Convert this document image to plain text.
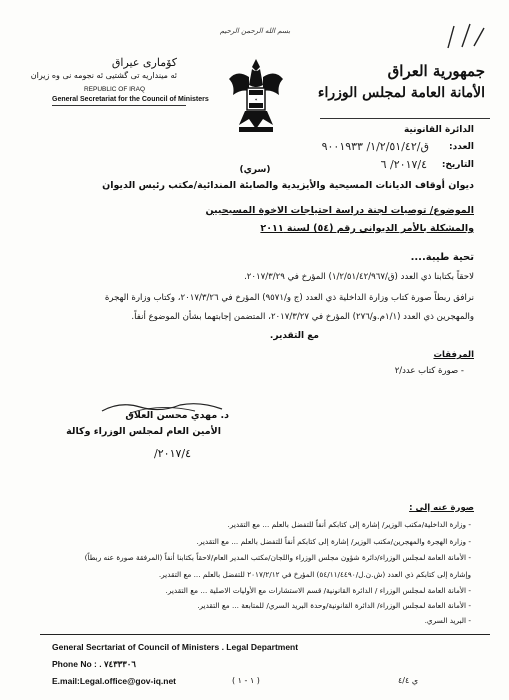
بسم الله الرحمن الرحيم
✶
جمهورية العراق
الأمانة العامة لمجلس الوزراء
كۆماری عیراق
ئه مینداریه تی گشتیی ئه نجومه نی وه زیران
REPUBLIC OF IRAQ
General Secretariat for the Council of Ministers
الدائرة القانونية
العدد:
ق/١/٢/٥١/٤٢/ ٩٠٠١٩٣٣
التاريخ:
٢٠١٧/٤/ ٦
(سري)
ديوان أوقاف الديانات المسيحية والأيزيدية والصابئة المندائية/مكتب رئيس الديوان
الموضوع/ توصيات لجنة دراسة احتياجات الاخوة المسيحيين
والمشكلة بالأمر الديواني رقم (٥٤) لسنة ٢٠١١
تحية طيبة....
لاحقاً بكتابنا ذي العدد (ق/١/٢/٥١/٤٢/٩٦٧) المؤرخ في ٢٠١٧/٣/٢٩.
نرافق ربطاً صورة كتاب وزارة الداخلية ذي العدد (ج و/٩٥٧١) المؤرخ في ٢٠١٧/٣/٢٦، وكتاب وزارة الهجرة
والمهجرين ذي العدد (١/١م.و/٢٧٦) المؤرخ في ٢٠١٧/٣/٢٧، المتضمن إجابتهما بشأن الموضوع أنفاً.
مع التقدير.
المرفقات
- صورة كتاب عدد/٢
د. مهدي محسن العلاق
الأمين العام لمجلس الوزراء وكالة
٢٠١٧/٤/
صورة عنه إلى :
- وزارة الداخلية/مكتب الوزير/ إشارة إلى كتابكم أنفاً للتفضل بالعلم ... مع التقدير.
- وزارة الهجرة والمهجرين/مكتب الوزير/ إشارة إلى كتابكم أنفاً للتفضل بالعلم ... مع التقدير.
- الأمانة العامة لمجلس الوزراء/دائرة شؤون مجلس الوزراء واللجان/مكتب المدير العام/لاحقاً بكتابنا أنفاً (المرفقة صورة عنه ربطاً)
وإشارة إلى كتابكم ذي العدد (ش.ن.ل/٥٤/١١/٤٤٩٠) المؤرخ في ٢٠١٧/٢/١٢ للتفضل بالعلم ... مع التقدير.
- الأمانة العامة لمجلس الوزراء / الدائرة القانونية/ قسم الاستشارات مع الأوليات الاصلية ... مع التقدير.
- الأمانة العامة لمجلس الوزراء/ الدائرة القانونية/وحدة البريد السري/ للمتابعة ... مع التقدير.
- البريد السري.
General Secrtariat of Council of Ministers . Legal Department
Phone No : . ٧٤٣٣٣٠٦
E.mail:Legal.office@gov-iq.net	( ١ - ١ )	ي ٤/٤
